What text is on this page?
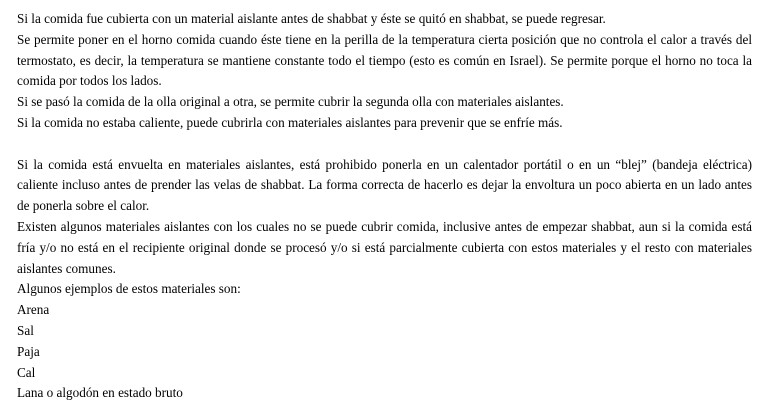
Si la comida fue cubierta con un material aislante antes de shabbat y éste se quitó en shabbat, se puede regresar.

Se permite poner en el horno comida cuando éste tiene en la perilla de la temperatura cierta posición que no controla el calor a través del termostato, es decir, la temperatura se mantiene constante todo el tiempo (esto es común en Israel). Se permite porque el horno no toca la comida por todos los lados.

Si se pasó la comida de la olla original a otra, se permite cubrir la segunda olla con materiales aislantes.

Si la comida no estaba caliente, puede cubrirla con materiales aislantes para prevenir que se enfríe más.

Si la comida está envuelta en materiales aislantes, está prohibido ponerla en un calentador portátil o en un “blej” (bandeja eléctrica) caliente incluso antes de prender las velas de shabbat. La forma correcta de hacerlo es dejar la envoltura un poco abierta en un lado antes de ponerla sobre el calor.

Existen algunos materiales aislantes con los cuales no se puede cubrir comida, inclusive antes de empezar shabbat, aun si la comida está fría y/o no está en el recipiente original donde se procesó y/o si está parcialmente cubierta con estos materiales y el resto con materiales aislantes comunes.

Algunos ejemplos de estos materiales son:

Arena
Sal
Paja
Cal
Lana o algodón en estado bruto
